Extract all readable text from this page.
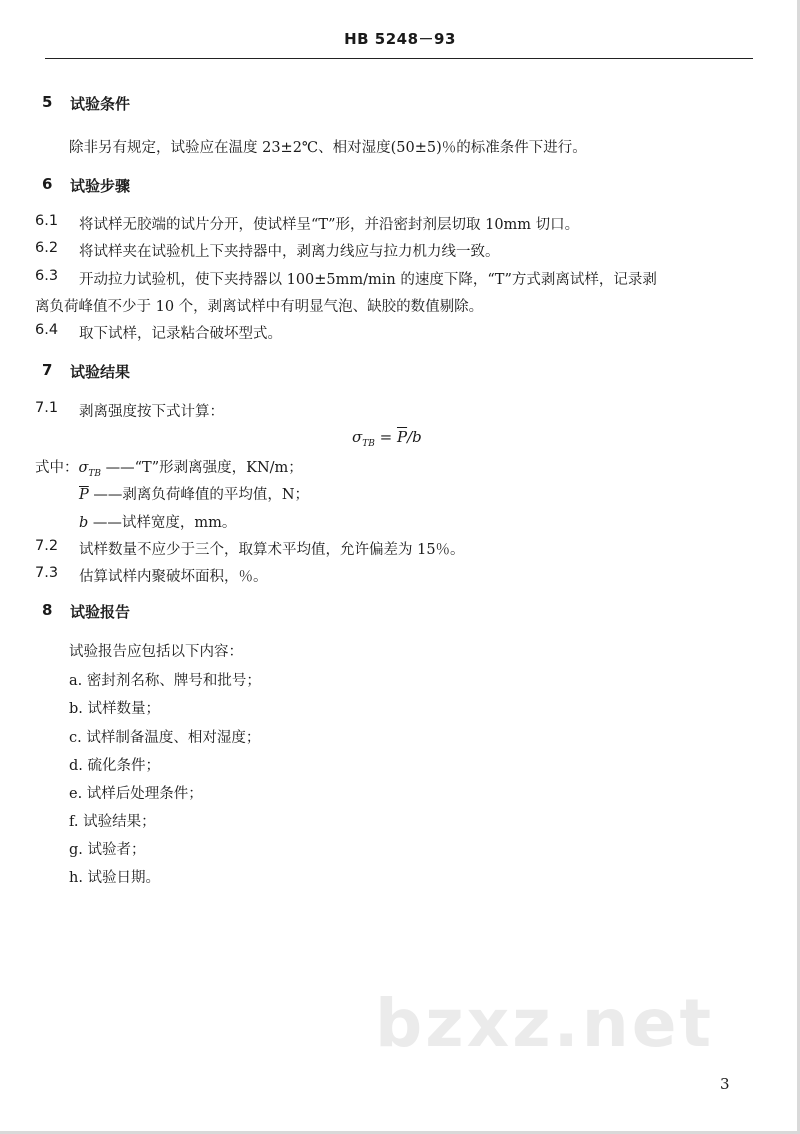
HB 5248－93
5 试验条件
除非另有规定，试验应在温度 23±2℃、相对湿度(50±5)％的标准条件下进行。
6 试验步骤
6.1 将试样无胶端的试片分开，使试样呈“T”形，并沿密封剂层切取 10mm 切口。
6.2 将试样夹在试验机上下夹持器中，剥离力线应与拉力机力线一致。
6.3 开动拉力试验机，使下夹持器以 100±5mm/min 的速度下降，“T”方式剥离试样，记录剥
离负荷峰值不少于 10 个，剥离试样中有明显气泡、缺胶的数值剔除。
6.4 取下试样，记录粘合破坏型式。
7 试验结果
7.1 剥离强度按下式计算：
$\sigma_{TB} = \overline{P}/b$
式中：$\sigma_{TB}$ ——“T”形剥离强度，KN/m；
$\overline{P}$ ——剥离负荷峰值的平均值，N；
b ——试样宽度，mm。
7.2 试样数量不应少于三个，取算术平均值，允许偏差为 15％。
7.3 估算试样内聚破坏面积，％。
8 试验报告
试验报告应包括以下内容：
a. 密封剂名称、牌号和批号；
b. 试样数量；
c. 试样制备温度、相对湿度；
d. 硫化条件；
e. 试样后处理条件；
f. 试验结果；
g. 试验者；
h. 试验日期。
bzxz.net
3
